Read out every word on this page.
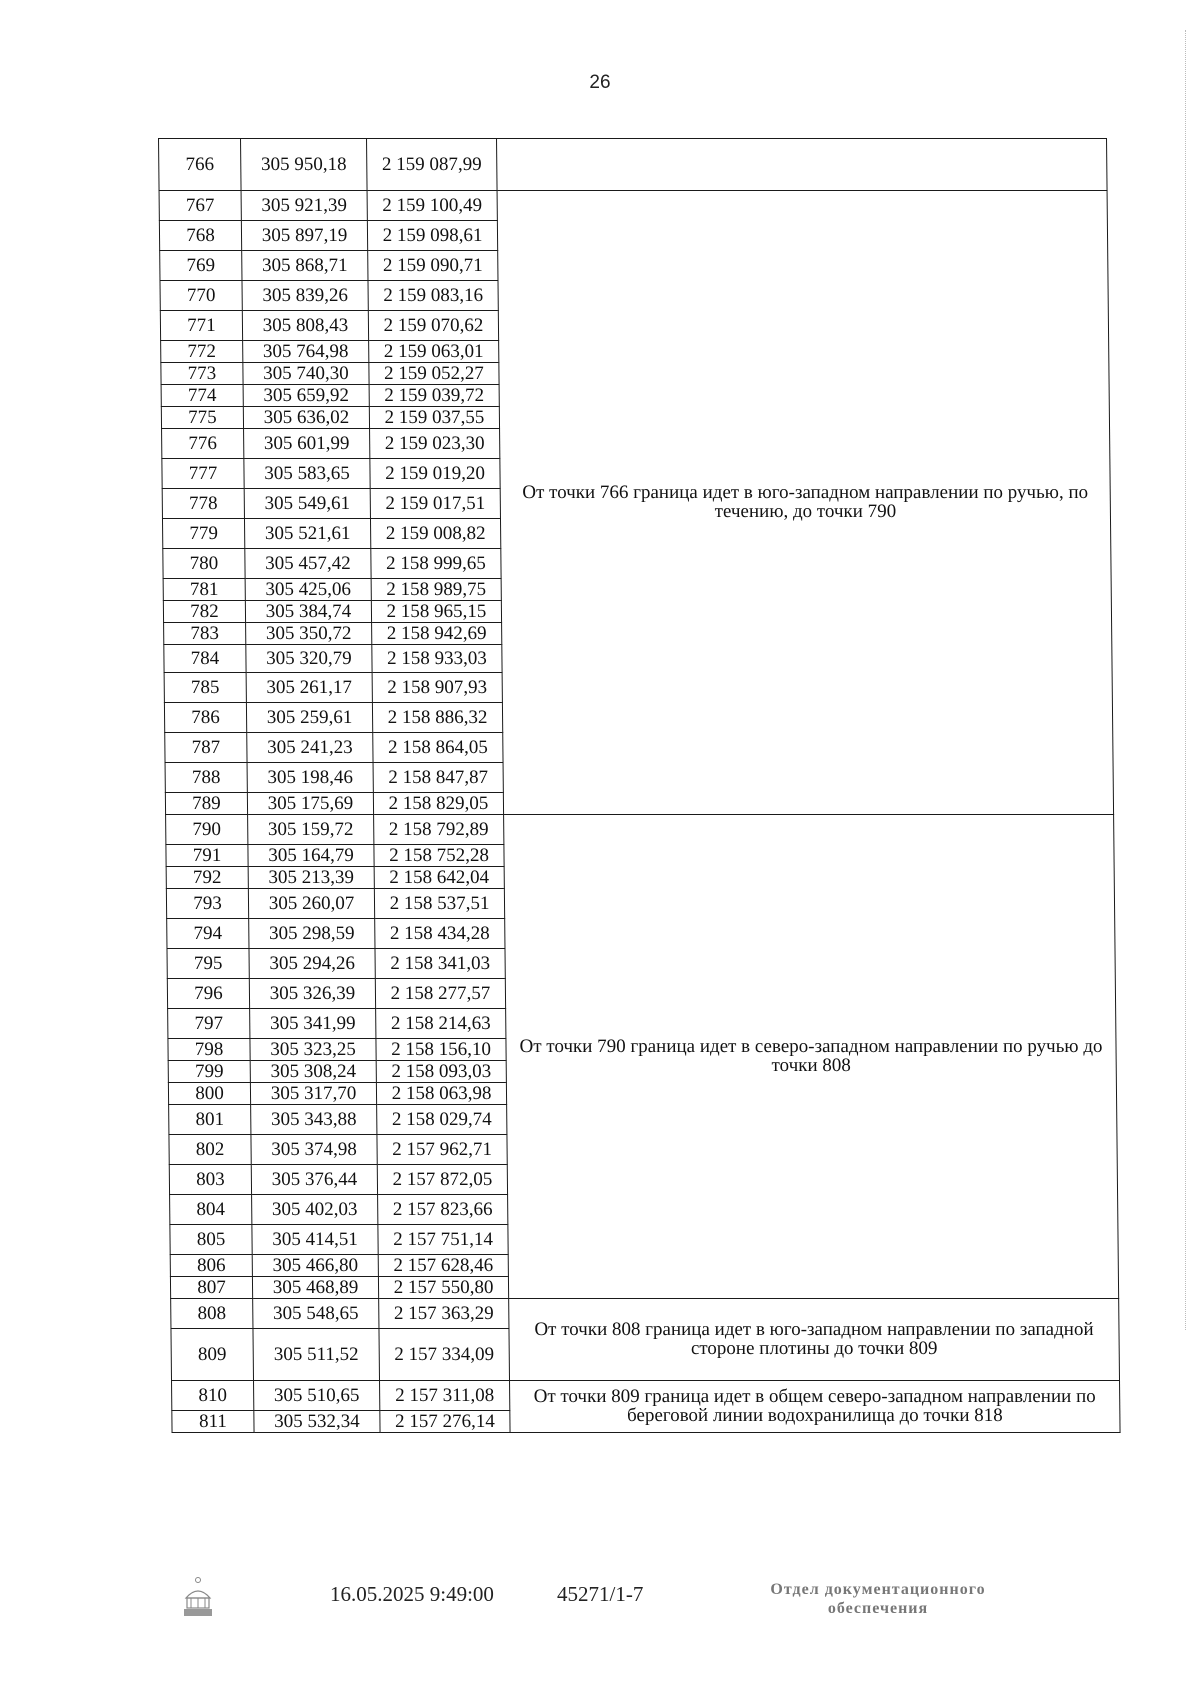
26

766	305 950,18	2 159 087,99	
767	305 921,39	2 159 100,49	От точки 766 граница идет в юго-западном направлении по ручью, по течению, до точки 790
768	305 897,19	2 159 098,61	
769	305 868,71	2 159 090,71	
770	305 839,26	2 159 083,16	
771	305 808,43	2 159 070,62	
772	305 764,98	2 159 063,01	
773	305 740,30	2 159 052,27	
774	305 659,92	2 159 039,72	
775	305 636,02	2 159 037,55	
776	305 601,99	2 159 023,30	
777	305 583,65	2 159 019,20	
778	305 549,61	2 159 017,51	
779	305 521,61	2 159 008,82	
780	305 457,42	2 158 999,65	
781	305 425,06	2 158 989,75	
782	305 384,74	2 158 965,15	
783	305 350,72	2 158 942,69	
784	305 320,79	2 158 933,03	
785	305 261,17	2 158 907,93	
786	305 259,61	2 158 886,32	
787	305 241,23	2 158 864,05	
788	305 198,46	2 158 847,87	
789	305 175,69	2 158 829,05	
790	305 159,72	2 158 792,89	От точки 790 граница идет в северо-западном направлении по ручью до точки 808
791	305 164,79	2 158 752,28	
792	305 213,39	2 158 642,04	
793	305 260,07	2 158 537,51	
794	305 298,59	2 158 434,28	
795	305 294,26	2 158 341,03	
796	305 326,39	2 158 277,57	
797	305 341,99	2 158 214,63	
798	305 323,25	2 158 156,10	
799	305 308,24	2 158 093,03	
800	305 317,70	2 158 063,98	
801	305 343,88	2 158 029,74	
802	305 374,98	2 157 962,71	
803	305 376,44	2 157 872,05	
804	305 402,03	2 157 823,66	
805	305 414,51	2 157 751,14	
806	305 466,80	2 157 628,46	
807	305 468,89	2 157 550,80	
808	305 548,65	2 157 363,29	От точки 808 граница идет в юго-западном направлении по западной стороне плотины до точки 809
809	305 511,52	2 157 334,09	
810	305 510,65	2 157 311,08	От точки 809 граница идет в общем северо-западном направлении по береговой линии водохранилища до точки 818
811	305 532,34	2 157 276,14	
16.05.2025 9:49:00	45271/1-7	Отдел документационного
обеспечения
